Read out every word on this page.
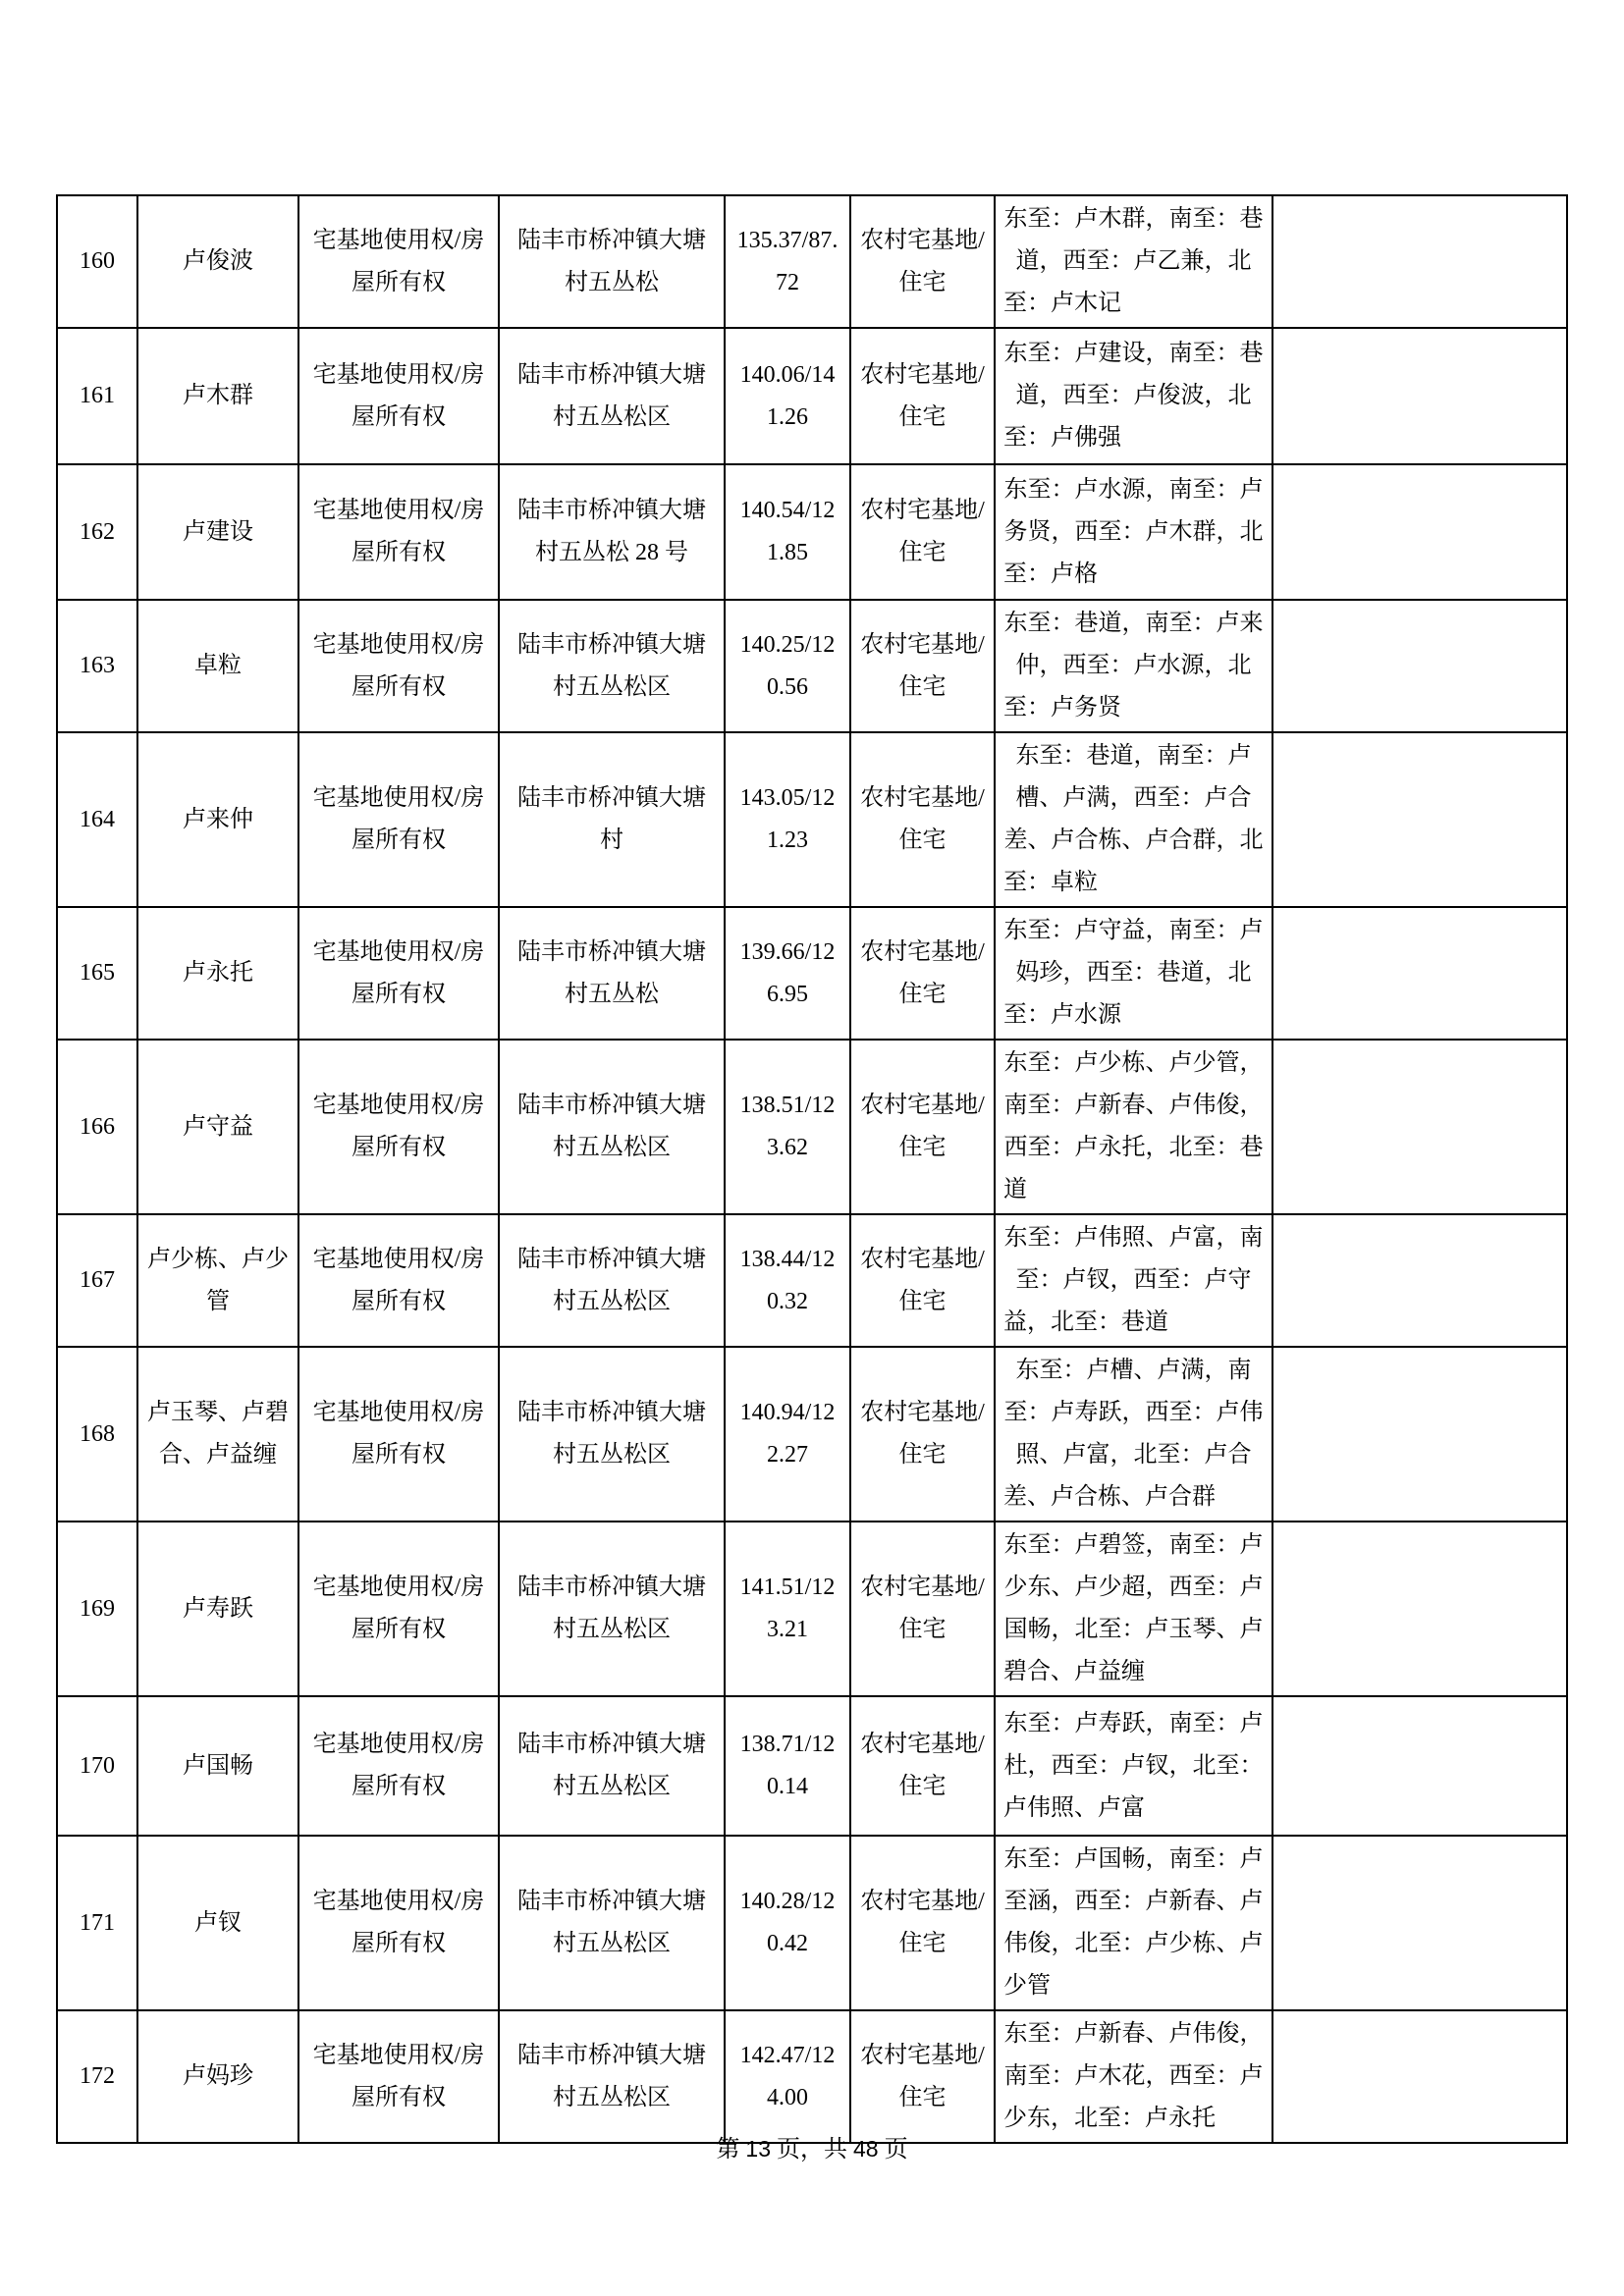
160	卢俊波	宅基地使用权/房屋所有权	陆丰市桥冲镇大塘村五丛松	135.37/87.72	农村宅基地/住宅	东至：卢木群，南至：巷道，西至：卢乙兼，北至：卢木记	
161	卢木群	宅基地使用权/房屋所有权	陆丰市桥冲镇大塘村五丛松区	140.06/141.26	农村宅基地/住宅	东至：卢建设，南至：巷道，西至：卢俊波，北至：卢佛强	
162	卢建设	宅基地使用权/房屋所有权	陆丰市桥冲镇大塘村五丛松 28 号	140.54/121.85	农村宅基地/住宅	东至：卢水源，南至：卢务贤，西至：卢木群，北至：卢格	
163	卓粒	宅基地使用权/房屋所有权	陆丰市桥冲镇大塘村五丛松区	140.25/120.56	农村宅基地/住宅	东至：巷道，南至：卢来仲，西至：卢水源，北至：卢务贤	
164	卢来仲	宅基地使用权/房屋所有权	陆丰市桥冲镇大塘村	143.05/121.23	农村宅基地/住宅	东至：巷道，南至：卢槽、卢满，西至：卢合差、卢合栋、卢合群，北至：卓粒	
165	卢永托	宅基地使用权/房屋所有权	陆丰市桥冲镇大塘村五丛松	139.66/126.95	农村宅基地/住宅	东至：卢守益，南至：卢妈珍，西至：巷道，北至：卢水源	
166	卢守益	宅基地使用权/房屋所有权	陆丰市桥冲镇大塘村五丛松区	138.51/123.62	农村宅基地/住宅	东至：卢少栋、卢少管，南至：卢新春、卢伟俊，西至：卢永托，北至：巷道	
167	卢少栋、卢少管	宅基地使用权/房屋所有权	陆丰市桥冲镇大塘村五丛松区	138.44/120.32	农村宅基地/住宅	东至：卢伟照、卢富，南至：卢钗，西至：卢守益，北至：巷道	
168	卢玉琴、卢碧合、卢益缠	宅基地使用权/房屋所有权	陆丰市桥冲镇大塘村五丛松区	140.94/122.27	农村宅基地/住宅	东至：卢槽、卢满，南至：卢寿跃，西至：卢伟照、卢富，北至：卢合差、卢合栋、卢合群	
169	卢寿跃	宅基地使用权/房屋所有权	陆丰市桥冲镇大塘村五丛松区	141.51/123.21	农村宅基地/住宅	东至：卢碧签，南至：卢少东、卢少超，西至：卢国畅，北至：卢玉琴、卢碧合、卢益缠	
170	卢国畅	宅基地使用权/房屋所有权	陆丰市桥冲镇大塘村五丛松区	138.71/120.14	农村宅基地/住宅	东至：卢寿跃，南至：卢杜，西至：卢钗，北至：卢伟照、卢富	
171	卢钗	宅基地使用权/房屋所有权	陆丰市桥冲镇大塘村五丛松区	140.28/120.42	农村宅基地/住宅	东至：卢国畅，南至：卢至涵，西至：卢新春、卢伟俊，北至：卢少栋、卢少管	
172	卢妈珍	宅基地使用权/房屋所有权	陆丰市桥冲镇大塘村五丛松区	142.47/124.00	农村宅基地/住宅	东至：卢新春、卢伟俊，南至：卢木花，西至：卢少东，北至：卢永托	
第 13 页，共 48 页
